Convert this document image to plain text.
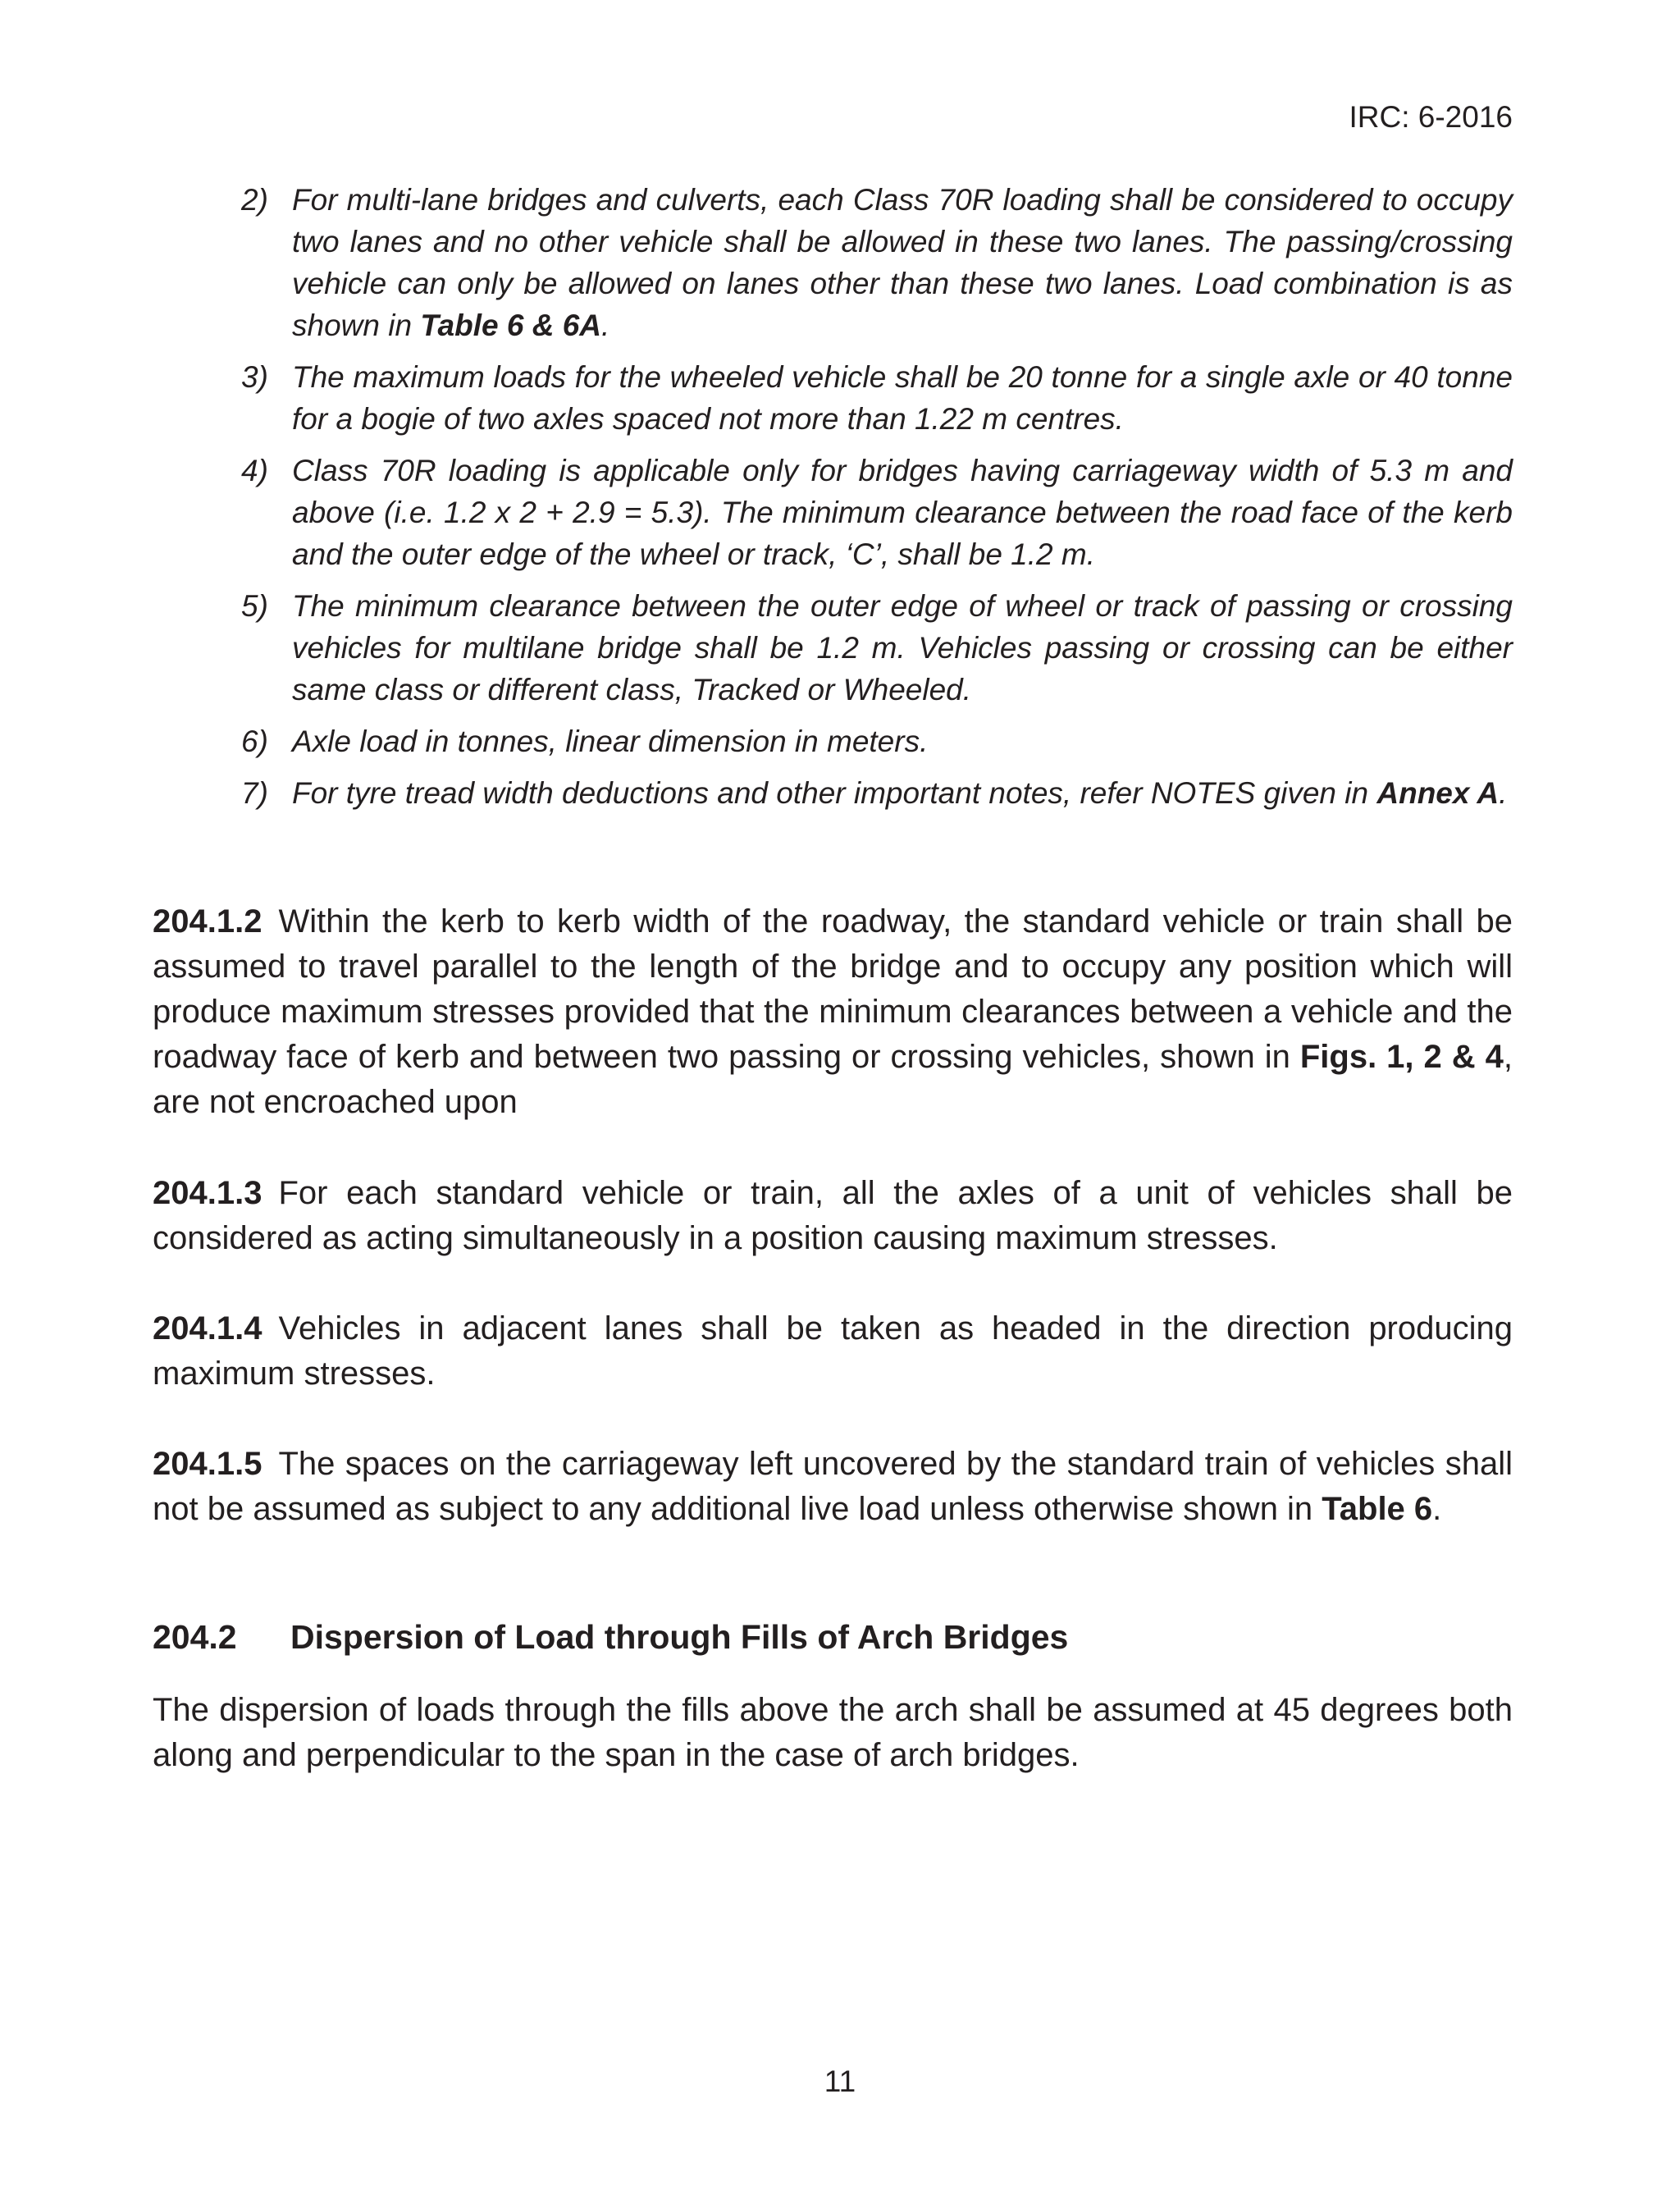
IRC: 6-2016
2) For multi-lane bridges and culverts, each Class 70R loading shall be considered to occupy two lanes and no other vehicle shall be allowed in these two lanes. The passing/crossing vehicle can only be allowed on lanes other than these two lanes. Load combination is as shown in Table 6 & 6A.
3) The maximum loads for the wheeled vehicle shall be 20 tonne for a single axle or 40 tonne for a bogie of two axles spaced not more than 1.22 m centres.
4) Class 70R loading is applicable only for bridges having carriageway width of 5.3 m and above (i.e. 1.2 x 2 + 2.9 = 5.3). The minimum clearance between the road face of the kerb and the outer edge of the wheel or track, ‘C’, shall be 1.2 m.
5) The minimum clearance between the outer edge of wheel or track of passing or crossing vehicles for multilane bridge shall be 1.2 m. Vehicles passing or crossing can be either same class or different class, Tracked or Wheeled.
6) Axle load in tonnes, linear dimension in meters.
7) For tyre tread width deductions and other important notes, refer NOTES given in Annex A.
204.1.2 Within the kerb to kerb width of the roadway, the standard vehicle or train shall be assumed to travel parallel to the length of the bridge and to occupy any position which will produce maximum stresses provided that the minimum clearances between a vehicle and the roadway face of kerb and between two passing or crossing vehicles, shown in Figs. 1, 2 & 4, are not encroached upon
204.1.3 For each standard vehicle or train, all the axles of a unit of vehicles shall be considered as acting simultaneously in a position causing maximum stresses.
204.1.4 Vehicles in adjacent lanes shall be taken as headed in the direction producing maximum stresses.
204.1.5 The spaces on the carriageway left uncovered by the standard train of vehicles shall not be assumed as subject to any additional live load unless otherwise shown in Table 6.
204.2 Dispersion of Load through Fills of Arch Bridges
The dispersion of loads through the fills above the arch shall be assumed at 45 degrees both along and perpendicular to the span in the case of arch bridges.
11
